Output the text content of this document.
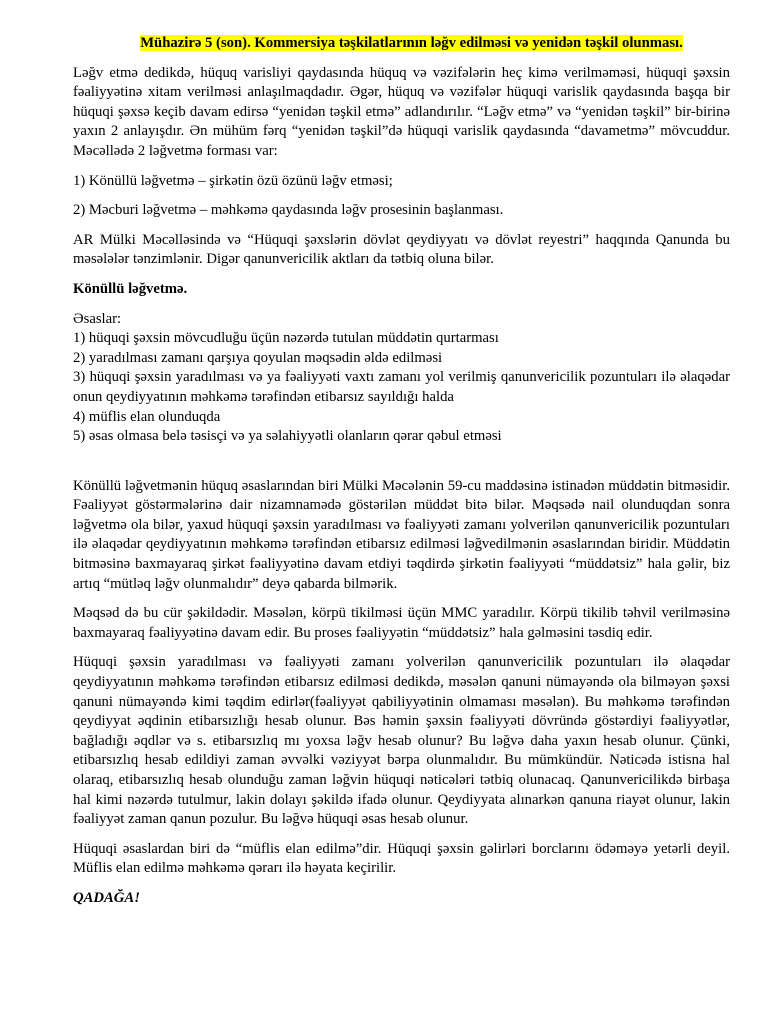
Mühazirə 5 (son). Kommersiya təşkilatlarının ləğv edilməsi və yenidən təşkil olunması.

Ləğv etmə dedikdə, hüquq varisliyi qaydasında hüquq və vəzifələrin heç kimə verilməməsi, hüquqi şəxsin fəaliyyətinə xitam verilməsi anlaşılmaqdadır. Əgər, hüquq və vəzifələr hüquqi varislik qaydasında başqa bir hüquqi şəxsə keçib davam edirsə “yenidən təşkil etmə” adlandırılır. “Ləğv etmə” və “yenidən təşkil” bir-birinə yaxın 2 anlayışdır. Ən mühüm fərq “yenidən təşkil”də hüquqi varislik qaydasında “davametmə” mövcuddur. Məcəllədə 2 ləğvetmə forması var:

1) Könüllü ləğvetmə – şirkətin özü özünü ləğv etməsi;

2) Məcburi ləğvetmə – məhkəmə qaydasında ləğv prosesinin başlanması.

AR Mülki Məcəlləsində və “Hüquqi şəxslərin dövlət qeydiyyatı və dövlət reyestri” haqqında Qanunda bu məsələlər tənzimlənir. Digər qanunvericilik aktları da tətbiq oluna bilər.

Könüllü ləğvetmə.

Əsaslar:
1) hüquqi şəxsin mövcudluğu üçün nəzərdə tutulan müddətin qurtarması
2) yaradılması zamanı qarşıya qoyulan məqsədin əldə edilməsi
3) hüquqi şəxsin yaradılması və ya fəaliyyəti vaxtı zamanı yol verilmiş qanunvericilik pozuntuları ilə əlaqədar onun qeydiyyatının məhkəmə tərəfindən etibarsız sayıldığı halda
4) müflis elan olunduqda
5) əsas olmasa belə təsisçi və ya səlahiyyətli olanların qərar qəbul etməsi

Könüllü ləğvetmənin hüquq əsaslarından biri Mülki Məcələnin 59-cu maddəsinə istinadən müddətin bitməsidir. Fəaliyyət göstərmələrinə dair nizamnamədə göstərilən müddət bitə bilər. Məqsədə nail olunduqdan sonra ləğvetmə ola bilər, yaxud hüquqi şəxsin yaradılması və fəaliyyəti zamanı yolverilən qanunvericilik pozuntuları ilə əlaqədar qeydiyyatının məhkəmə tərəfindən etibarsız edilməsi ləğvedilmənin əsaslarından biridir. Müddətin bitməsinə baxmayaraq şirkət fəaliyyətinə davam etdiyi təqdirdə şirkətin fəaliyyəti “müddətsiz” hala gəlir, biz artıq “mütləq ləğv olunmalıdır” deyə qabarda bilmərik.

Məqsəd də bu cür şəkildədir. Məsələn, körpü tikilməsi üçün MMC yaradılır. Körpü tikilib təhvil verilməsinə baxmayaraq fəaliyyətinə davam edir. Bu proses fəaliyyətin “müddətsiz” hala gəlməsini təsdiq edir.

Hüquqi şəxsin yaradılması və fəaliyyəti zamanı yolverilən qanunvericilik pozuntuları ilə əlaqədar qeydiyyatının məhkəmə tərəfindən etibarsız edilməsi dedikdə, məsələn qanuni nümayəndə ola bilməyən şəxsi qanuni nümayəndə kimi təqdim edirlər(fəaliyyət qabiliyyətinin olmaması məsələn). Bu məhkəmə tərəfindən qeydiyyat əqdinin etibarsızlığı hesab olunur. Bəs həmin şəxsin fəaliyyəti dövründə göstərdiyi fəaliyyətlər, bağladığı əqdlər və s. etibarsızlıq mı yoxsa ləğv hesab olunur? Bu ləğvə daha yaxın hesab olunur. Çünki, etibarsızlıq hesab edildiyi zaman əvvəlki vəziyyət bərpa olunmalıdır. Bu mümkündür. Nəticədə istisna hal olaraq, etibarsızlıq hesab olunduğu zaman ləğvin hüquqi nəticələri tətbiq olunacaq. Qanunvericilikdə birbaşa hal kimi nəzərdə tutulmur, lakin dolayı şəkildə ifadə olunur. Qeydiyyata alınarkən qanuna riayət olunur, lakin fəaliyyət zaman qanun pozulur. Bu ləğvə hüquqi əsas hesab olunur.

Hüquqi əsaslardan biri də “müflis elan edilmə”dir. Hüquqi şəxsin gəlirləri borclarını ödəməyə yetərli deyil. Müflis elan edilmə məhkəmə qərarı ilə həyata keçirilir.

QADAĞA!
